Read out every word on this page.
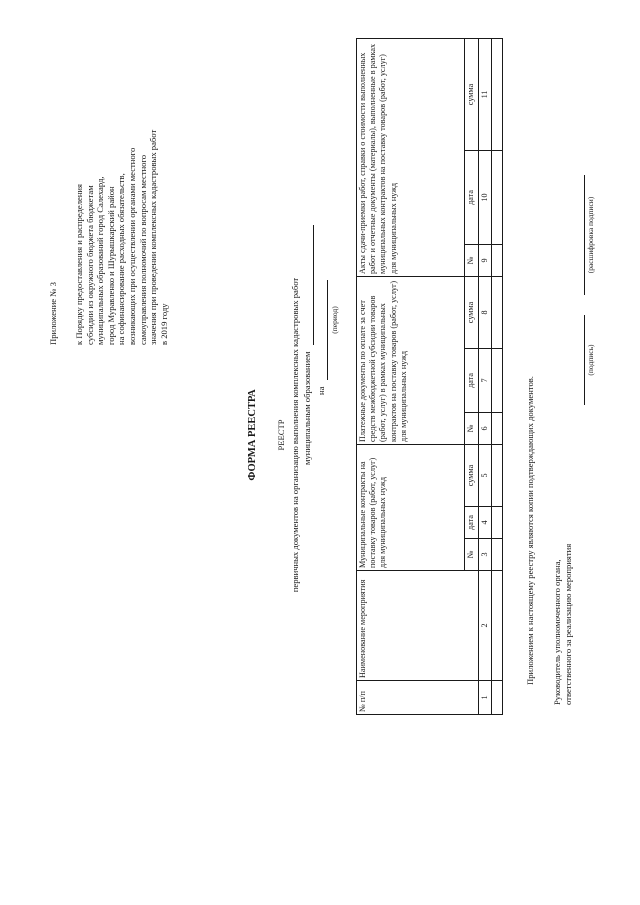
Приложение № 3 к Порядку предоставления и распределения субсидии из окружного бюджета бюджетам муниципальных образований город Салехард, город Муравленко и Шурышкарский район на софинансирование расходных обязательств, возникающих при осуществлении органами местного самоуправления полномочий по вопросам местного значения при проведении комплексных кадастровых работ в 2019 году
ФОРМА РЕЕСТРА РЕЕСТР первичных документов на организацию выполнения комплексных кадастровых работ муниципальным образованием на
(период)
№ п/п	Наименование мероприятия	Муниципальные контракты на поставку товаров (работ, услуг) для муниципальных нужд			Платежные документы по оплате за счет средств межбюджетной субсидии товаров (работ, услуг) в рамках муниципальных контрактов на поставку товаров (работ, услуг) для муниципальных нужд			Акты сдачи-приемки работ, справки о стоимости выполненных работ и отчетные документы (материалы), выполненные в рамках муниципальных контрактов на поставку товаров (работ, услуг) для муниципальных нужд		
		№	дата	сумма	№	дата	сумма	№	дата	сумма
1	2	3	4	5	6	7	8	9	10	11

Приложением к настоящему реестру являются копии подтверждающих документов. Руководитель уполномоченного органа, ответственного за реализацию мероприятия
(подпись)
(расшифровка подписи)
